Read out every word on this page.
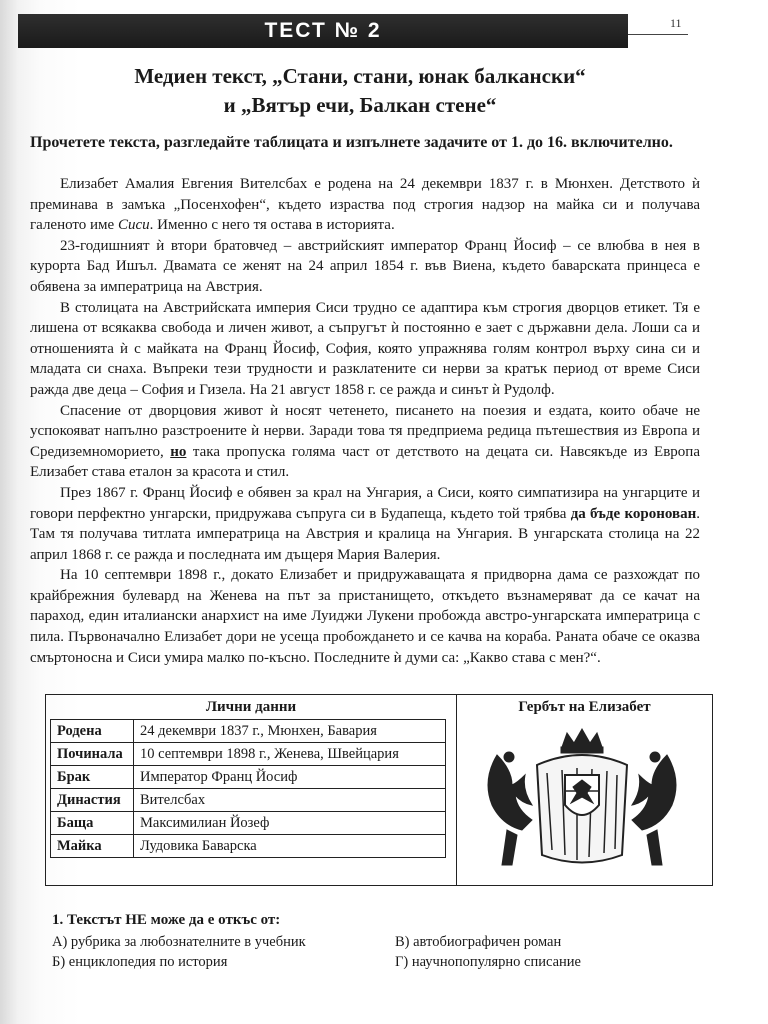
ТЕСТ № 2	11
Медиен текст, „Стани, стани, юнак балкански“
и „Вятър ечи, Балкан стене“
Прочетете текста, разгледайте таблицата и изпълнете задачите от 1. до 16. включително.

Елизабет Амалия Евгения Вителсбах е родена на 24 декември 1837 г. в Мюнхен. Детството ѝ преминава в замъка „Посенхофен“, където израства под строгия надзор на майка си и получава галеното име Сиси. Именно с него тя остава в историята.

23-годишният ѝ втори братовчед – австрийският император Франц Йосиф – се влюбва в нея в курорта Бад Ишъл. Двамата се женят на 24 април 1854 г. във Виена, където баварската принцеса е обявена за императрица на Австрия.

В столицата на Австрийската империя Сиси трудно се адаптира към строгия дворцов етикет. Тя е лишена от всякаква свобода и личен живот, а съпругът ѝ постоянно е зает с държавни дела. Лоши са и отношенията ѝ с майката на Франц Йосиф, София, която упражнява голям контрол върху сина си и младата си снаха. Въпреки тези трудности и разклатените си нерви за кратък период от време Сиси ражда две деца – София и Гизела. На 21 август 1858 г. се ражда и синът ѝ Рудолф.

Спасение от дворцовия живот ѝ носят четенето, писането на поезия и ездата, които обаче не успокояват напълно разстроените ѝ нерви. Заради това тя предприема редица пътешествия из Европа и Средиземноморието, но така пропуска голяма част от детството на децата си. Навсякъде из Европа Елизабет става еталон за красота и стил.

През 1867 г. Франц Йосиф е обявен за крал на Унгария, а Сиси, която симпатизира на унгарците и говори перфектно унгарски, придружава съпруга си в Будапеща, където той трябва да бъде коронован. Там тя получава титлата императрица на Австрия и кралица на Унгария. В унгарската столица на 22 април 1868 г. се ражда и последната им дъщеря Мария Валерия.

На 10 септември 1898 г., докато Елизабет и придружаващата я придворна дама се разхождат по крайбрежния булевард на Женева на път за пристанището, откъдето възнамеряват да се качат на параход, един италиански анархист на име Луиджи Лукени пробожда австро-унгарската императрица с пила. Първоначално Елизабет дори не усеща пробождането и се качва на кораба. Раната обаче се оказва смъртоносна и Сиси умира малко по-късно. Последните ѝ думи са: „Какво става с мен?“.

Лични данни
Родена	24 декември 1837 г., Мюнхен, Бавария
Починала	10 септември 1898 г., Женева, Швейцария
Брак	Император Франц Йосиф
Династия	Вителсбах
Баща	Максимилиан Йозеф
Майка	Лудовика Баварска
Гербът на Елизабет
1. Текстът НЕ може да е откъс от:
А) рубрика за любознателните в учебник	В) автобиографичен роман
Б) енциклопедия по история	Г) научнопопулярно списание
